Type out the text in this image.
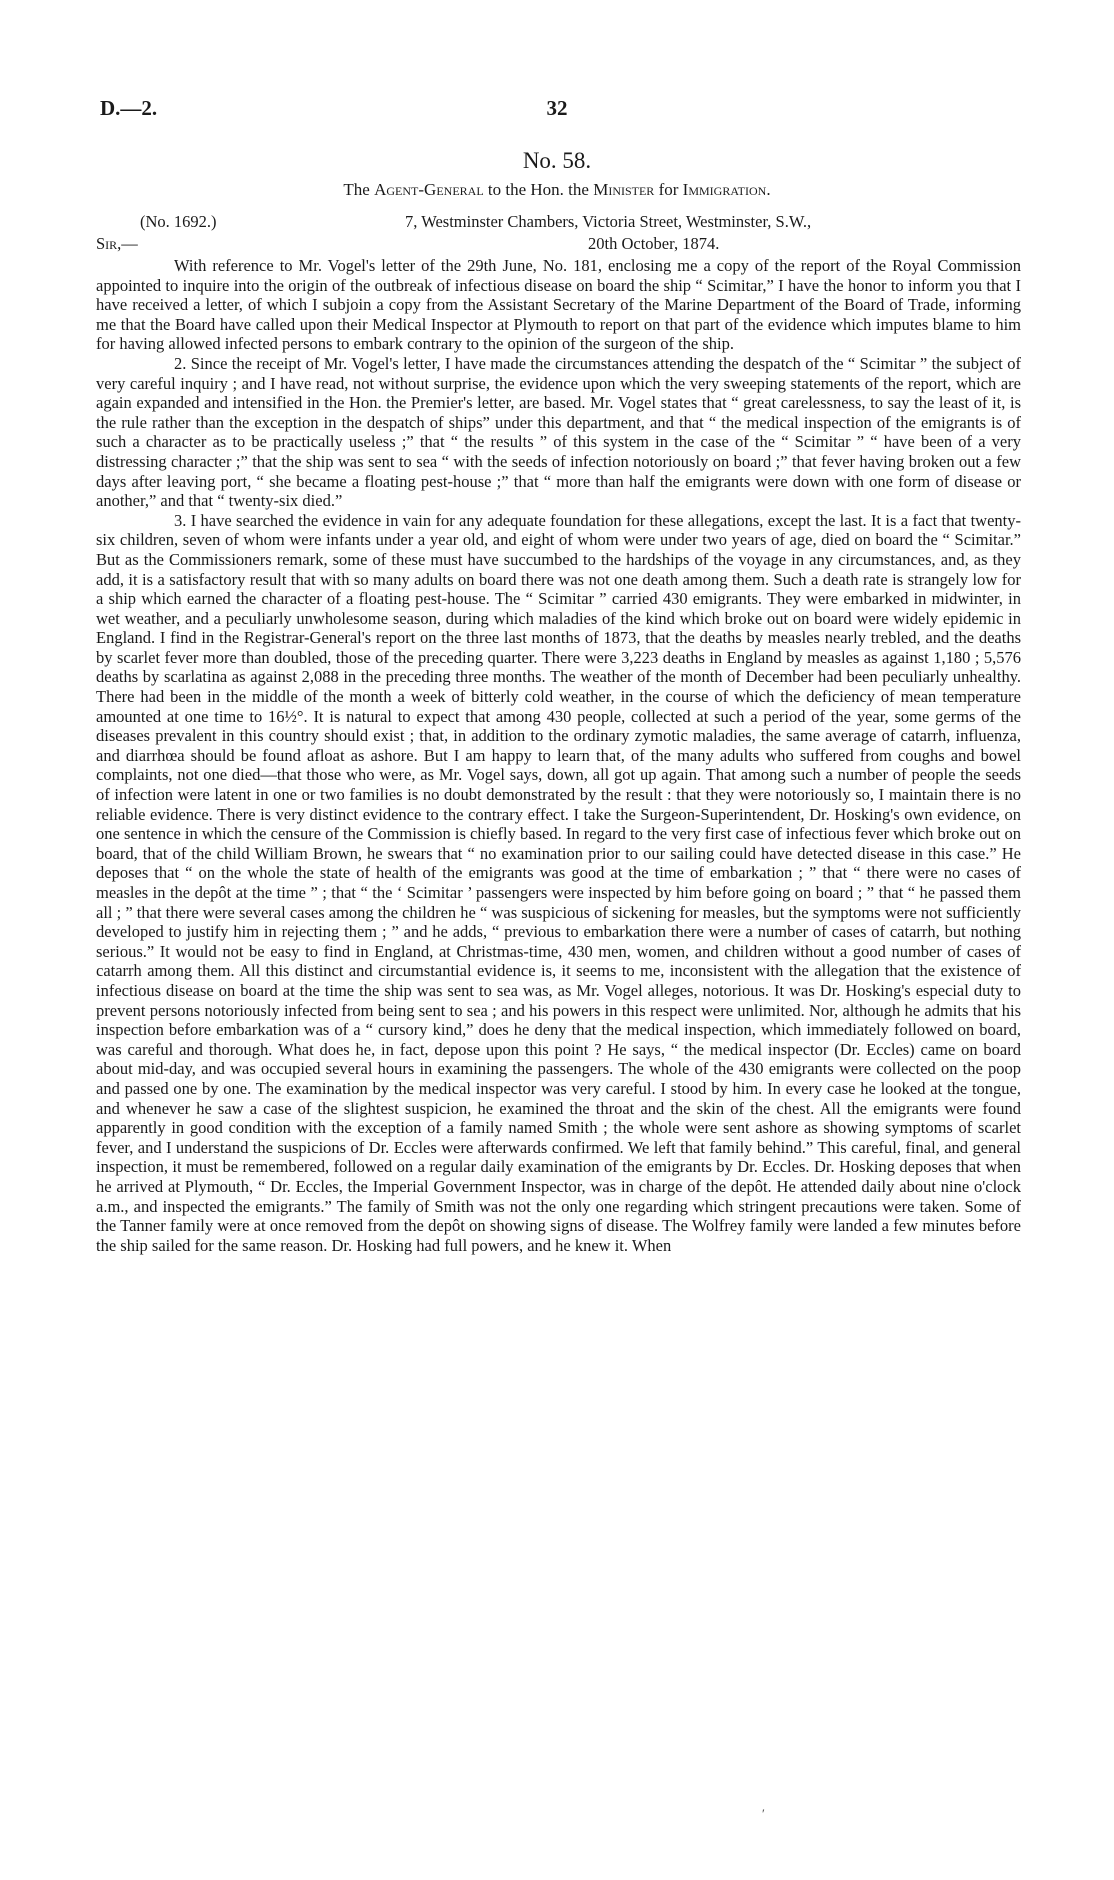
D.—2.	32
No. 58.
The Agent-General to the Hon. the Minister for Immigration.
(No. 1692.)	7, Westminster Chambers, Victoria Street, Westminster, S.W.,
Sir,—	20th October, 1874.

With reference to Mr. Vogel's letter of the 29th June, No. 181, enclosing me a copy of the report of the Royal Commission appointed to inquire into the origin of the outbreak of infectious disease on board the ship “ Scimitar,” I have the honor to inform you that I have received a letter, of which I subjoin a copy from the Assistant Secretary of the Marine Department of the Board of Trade, informing me that the Board have called upon their Medical Inspector at Plymouth to report on that part of the evidence which imputes blame to him for having allowed infected persons to embark contrary to the opinion of the surgeon of the ship.

2. Since the receipt of Mr. Vogel's letter, I have made the circumstances attending the despatch of the “ Scimitar ” the subject of very careful inquiry ; and I have read, not without surprise, the evidence upon which the very sweeping statements of the report, which are again expanded and intensified in the Hon. the Premier's letter, are based. Mr. Vogel states that “ great carelessness, to say the least of it, is the rule rather than the exception in the despatch of ships” under this department, and that “ the medical inspection of the emigrants is of such a character as to be practically useless ;” that “ the results ” of this system in the case of the “ Scimitar ” “ have been of a very distressing character ;” that the ship was sent to sea “ with the seeds of infection notoriously on board ;” that fever having broken out a few days after leaving port, “ she became a floating pest-house ;” that “ more than half the emigrants were down with one form of disease or another,” and that “ twenty-six died.”

3. I have searched the evidence in vain for any adequate foundation for these allegations, except the last. It is a fact that twenty-six children, seven of whom were infants under a year old, and eight of whom were under two years of age, died on board the “ Scimitar.” But as the Commissioners remark, some of these must have succumbed to the hardships of the voyage in any circumstances, and, as they add, it is a satisfactory result that with so many adults on board there was not one death among them. Such a death rate is strangely low for a ship which earned the character of a floating pest-house. The “ Scimitar ” carried 430 emigrants. They were embarked in midwinter, in wet weather, and a peculiarly unwholesome season, during which maladies of the kind which broke out on board were widely epidemic in England. I find in the Registrar-General's report on the three last months of 1873, that the deaths by measles nearly trebled, and the deaths by scarlet fever more than doubled, those of the preceding quarter. There were 3,223 deaths in England by measles as against 1,180 ; 5,576 deaths by scarlatina as against 2,088 in the preceding three months. The weather of the month of December had been peculiarly unhealthy. There had been in the middle of the month a week of bitterly cold weather, in the course of which the deficiency of mean temperature amounted at one time to 16½°. It is natural to expect that among 430 people, collected at such a period of the year, some germs of the diseases prevalent in this country should exist ; that, in addition to the ordinary zymotic maladies, the same average of catarrh, influenza, and diarrhœa should be found afloat as ashore. But I am happy to learn that, of the many adults who suffered from coughs and bowel complaints, not one died—that those who were, as Mr. Vogel says, down, all got up again. That among such a number of people the seeds of infection were latent in one or two families is no doubt demonstrated by the result : that they were notoriously so, I maintain there is no reliable evidence. There is very distinct evidence to the contrary effect. I take the Surgeon-Superintendent, Dr. Hosking's own evidence, on one sentence in which the censure of the Commission is chiefly based. In regard to the very first case of infectious fever which broke out on board, that of the child William Brown, he swears that “ no examination prior to our sailing could have detected disease in this case.” He deposes that “ on the whole the state of health of the emigrants was good at the time of embarkation ; ” that “ there were no cases of measles in the depôt at the time ” ; that “ the ‘ Scimitar ’ passengers were inspected by him before going on board ; ” that “ he passed them all ; ” that there were several cases among the children he “ was suspicious of sickening for measles, but the symptoms were not sufficiently developed to justify him in rejecting them ; ” and he adds, “ previous to embarkation there were a number of cases of catarrh, but nothing serious.” It would not be easy to find in England, at Christmas-time, 430 men, women, and children without a good number of cases of catarrh among them. All this distinct and circumstantial evidence is, it seems to me, inconsistent with the allegation that the existence of infectious disease on board at the time the ship was sent to sea was, as Mr. Vogel alleges, notorious. It was Dr. Hosking's especial duty to prevent persons notoriously infected from being sent to sea ; and his powers in this respect were unlimited. Nor, although he admits that his inspection before embarkation was of a “ cursory kind,” does he deny that the medical inspection, which immediately followed on board, was careful and thorough. What does he, in fact, depose upon this point ? He says, “ the medical inspector (Dr. Eccles) came on board about mid-day, and was occupied several hours in examining the passengers. The whole of the 430 emigrants were collected on the poop and passed one by one. The examination by the medical inspector was very careful. I stood by him. In every case he looked at the tongue, and whenever he saw a case of the slightest suspicion, he examined the throat and the skin of the chest. All the emigrants were found apparently in good condition with the exception of a family named Smith ; the whole were sent ashore as showing symptoms of scarlet fever, and I understand the suspicions of Dr. Eccles were afterwards confirmed. We left that family behind.” This careful, final, and general inspection, it must be remembered, followed on a regular daily examination of the emigrants by Dr. Eccles. Dr. Hosking deposes that when he arrived at Plymouth, “ Dr. Eccles, the Imperial Government Inspector, was in charge of the depôt. He attended daily about nine o'clock a.m., and inspected the emigrants.” The family of Smith was not the only one regarding which stringent precautions were taken. Some of the Tanner family were at once removed from the depôt on showing signs of disease. The Wolfrey family were landed a few minutes before the ship sailed for the same reason. Dr. Hosking had full powers, and he knew it. When

′
